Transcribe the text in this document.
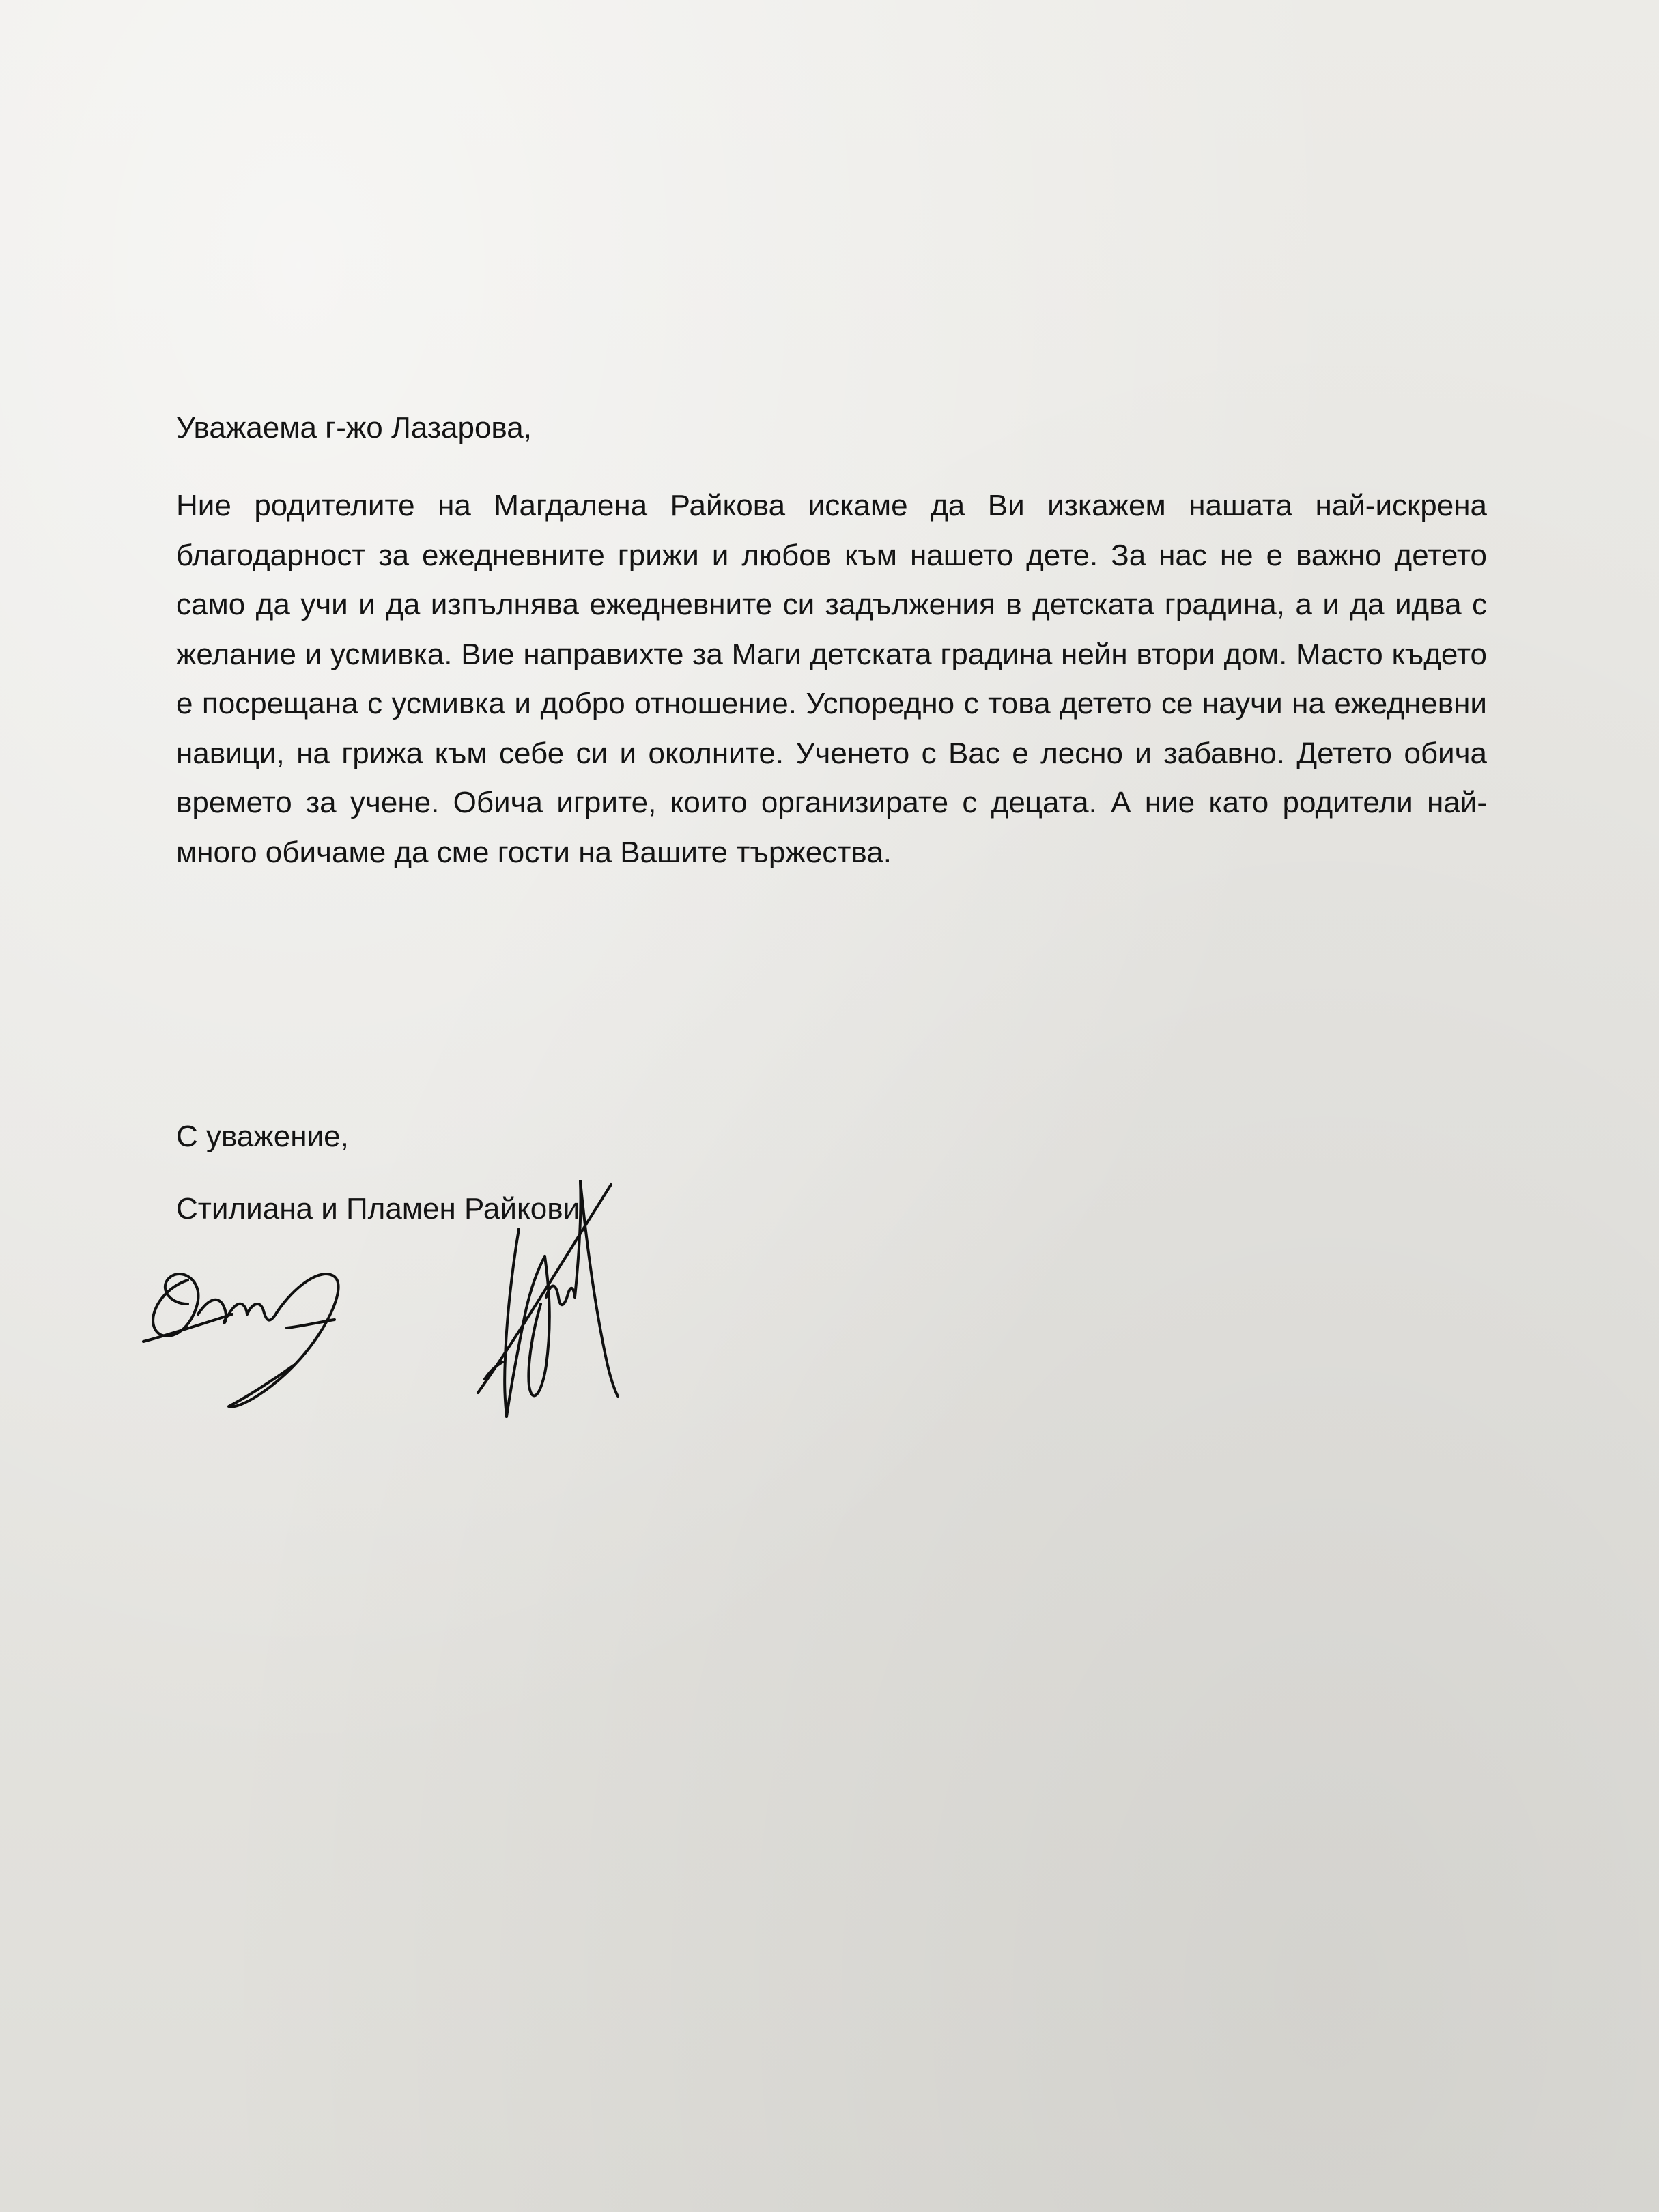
Уважаема г-жо Лазарова,
Ние родителите на Магдалена Райкова искаме да Ви изкажем нашата най-искрена благодарност за ежедневните грижи и любов към нашето дете. За нас не е важно детето само да учи и да изпълнява ежедневните си задължения в детската градина, а и да идва с желание и усмивка. Вие направихте за Маги детската градина нейн втори дом. Масто където е посрещана с усмивка и добро отношение. Успоредно с това детето се научи на ежедневни навици, на грижа към себе си и околните. Ученето с Вас е лесно и забавно. Детето обича времето за учене. Обича игрите, които организирате с децата. А ние като родители най-много обичаме да сме гости на Вашите тържества.
С уважение,
Стилиана и Пламен Райкови
